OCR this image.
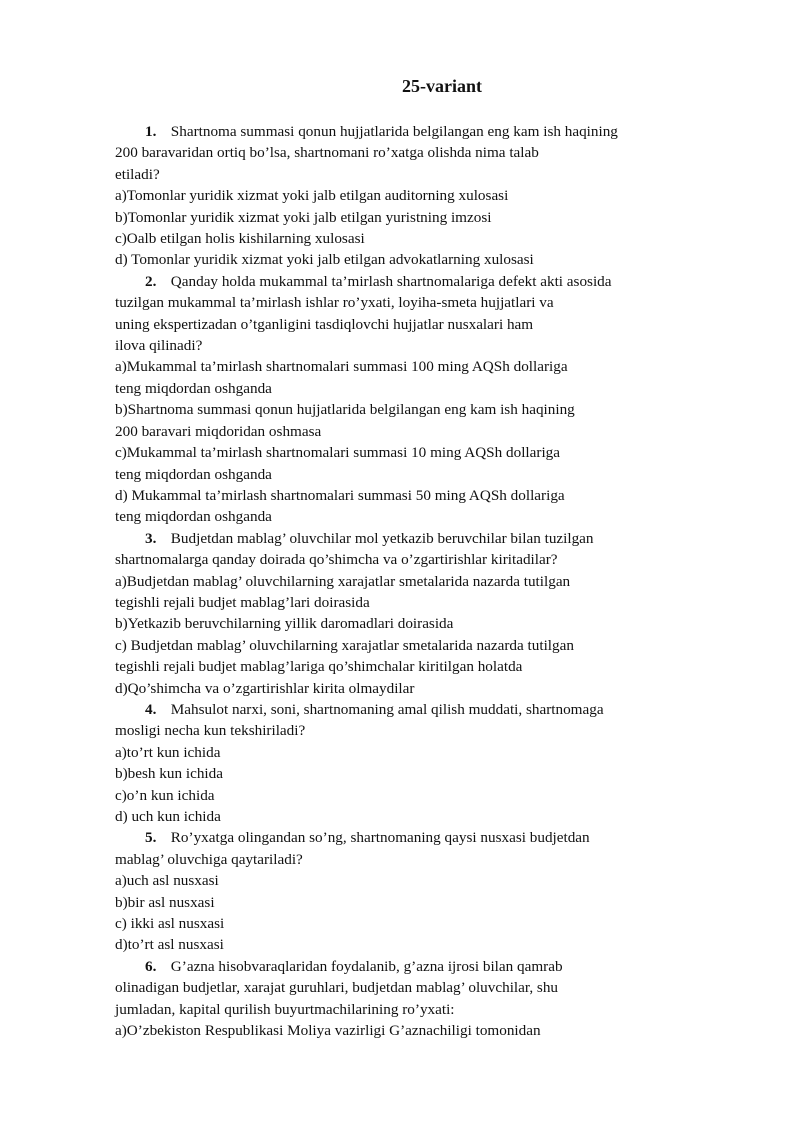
25-variant

1. Shartnoma summasi qonun hujjatlarida belgilangan eng kam ish haqining

200 baravaridan ortiq bo’lsa, shartnomani ro’xatga olishda nima talab

etiladi?

a)Tomonlar yuridik xizmat yoki jalb etilgan auditorning xulosasi

b)Tomonlar yuridik xizmat yoki jalb etilgan yuristning imzosi

c)Oalb etilgan holis kishilarning xulosasi

d) Tomonlar yuridik xizmat yoki jalb etilgan advokatlarning xulosasi

2. Qanday holda mukammal ta’mirlash shartnomalariga defekt akti asosida

tuzilgan mukammal ta’mirlash ishlar ro’yxati, loyiha-smeta hujjatlari va

uning ekspertizadan o’tganligini tasdiqlovchi hujjatlar nusxalari ham

ilova qilinadi?

a)Mukammal ta’mirlash shartnomalari summasi 100 ming AQSh dollariga

teng miqdordan oshganda

b)Shartnoma summasi qonun hujjatlarida belgilangan eng kam ish haqining

200 baravari miqdoridan oshmasa

c)Mukammal ta’mirlash shartnomalari summasi 10 ming AQSh dollariga

teng miqdordan oshganda

d) Mukammal ta’mirlash shartnomalari summasi 50 ming AQSh dollariga

teng miqdordan oshganda

3. Budjetdan mablag’ oluvchilar mol yetkazib beruvchilar bilan tuzilgan

shartnomalarga qanday doirada qo’shimcha va o’zgartirishlar kiritadilar?

a)Budjetdan mablag’ oluvchilarning xarajatlar smetalarida nazarda tutilgan

tegishli rejali budjet mablag’lari doirasida

b)Yetkazib beruvchilarning yillik daromadlari doirasida

c) Budjetdan mablag’ oluvchilarning xarajatlar smetalarida nazarda tutilgan

tegishli rejali budjet mablag’lariga qo’shimchalar kiritilgan holatda

d)Qo’shimcha va o’zgartirishlar kirita olmaydilar

4. Mahsulot narxi, soni, shartnomaning amal qilish muddati, shartnomaga

mosligi necha kun tekshiriladi?

a)to’rt kun ichida

b)besh kun ichida

c)o’n kun ichida

d) uch kun ichida

5. Ro’yxatga olingandan so’ng, shartnomaning qaysi nusxasi budjetdan

mablag’ oluvchiga qaytariladi?

a)uch asl nusxasi

b)bir asl nusxasi

c) ikki asl nusxasi

d)to’rt asl nusxasi

6. G’azna hisobvaraqlaridan foydalanib, g’azna ijrosi bilan qamrab

olinadigan budjetlar, xarajat guruhlari, budjetdan mablag’ oluvchilar, shu

jumladan, kapital qurilish buyurtmachilarining ro’yxati:

a)O’zbekiston Respublikasi Moliya vazirligi G’aznachiligi tomonidan
